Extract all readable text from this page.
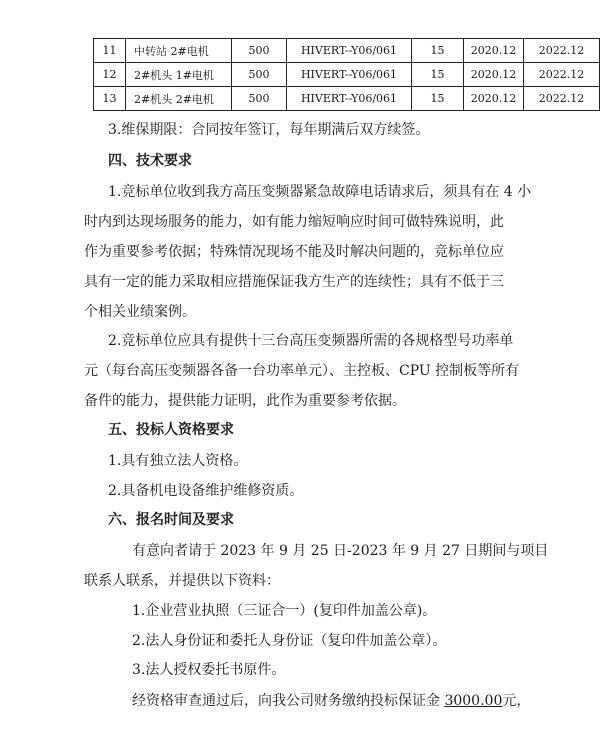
11	中转站 2#电机	500	HIVERT--Y06/061	15	2020.12	2022.12
12	2#机头 1#电机	500	HIVERT--Y06/061	15	2020.12	2022.12
13	2#机头 2#电机	500	HIVERT--Y06/061	15	2020.12	2022.12
3.维保期限：合同按年签订，每年期满后双方续签。
四、技术要求
1.竞标单位收到我方高压变频器紧急故障电话请求后，须具有在 4 小
时内到达现场服务的能力，如有能力缩短响应时间可做特殊说明，此
作为重要参考依据；特殊情况现场不能及时解决问题的，竞标单位应
具有一定的能力采取相应措施保证我方生产的连续性；具有不低于三
个相关业绩案例。
2.竞标单位应具有提供十三台高压变频器所需的各规格型号功率单
元（每台高压变频器各备一台功率单元）、主控板、CPU 控制板等所有
备件的能力，提供能力证明，此作为重要参考依据。
五、投标人资格要求
1.具有独立法人资格。
2.具备机电设备维护维修资质。
六、报名时间及要求
有意向者请于 2023 年 9 月 25 日-2023 年 9 月 27 日期间与项目
联系人联系，并提供以下资料：
1.企业营业执照（三证合一）(复印件加盖公章)。
2.法人身份证和委托人身份证（复印件加盖公章）。
3.法人授权委托书原件。
经资格审查通过后，向我公司财务缴纳投标保证金 3000.00元，
